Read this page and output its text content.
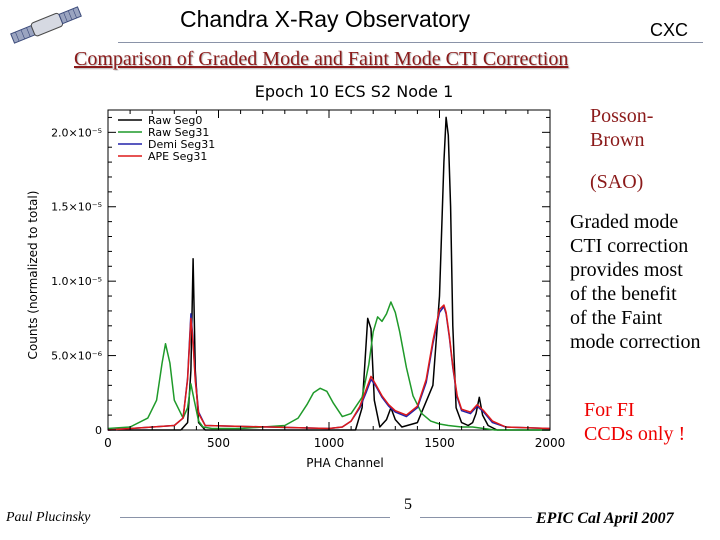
Chandra X-Ray Observatory	CXC
Comparison of Graded Mode and Faint Mode CTI Correction
0	500	1000	1500	2000
0
5.0×10⁻⁶
1.0×10⁻⁵
1.5×10⁻⁵
2.0×10⁻⁵
Raw Seg0
Raw Seg31
Demi Seg31
APE Seg31
Epoch 10 ECS S2 Node 1
PHA Channel
Counts (normalized to total)
Posson-Brown
(SAO)
Graded mode
CTI correction
provides most
of the benefit
of the Faint
mode correction
For FI
CCDs only !
Paul Plucinsky
5
EPIC Cal April 2007
